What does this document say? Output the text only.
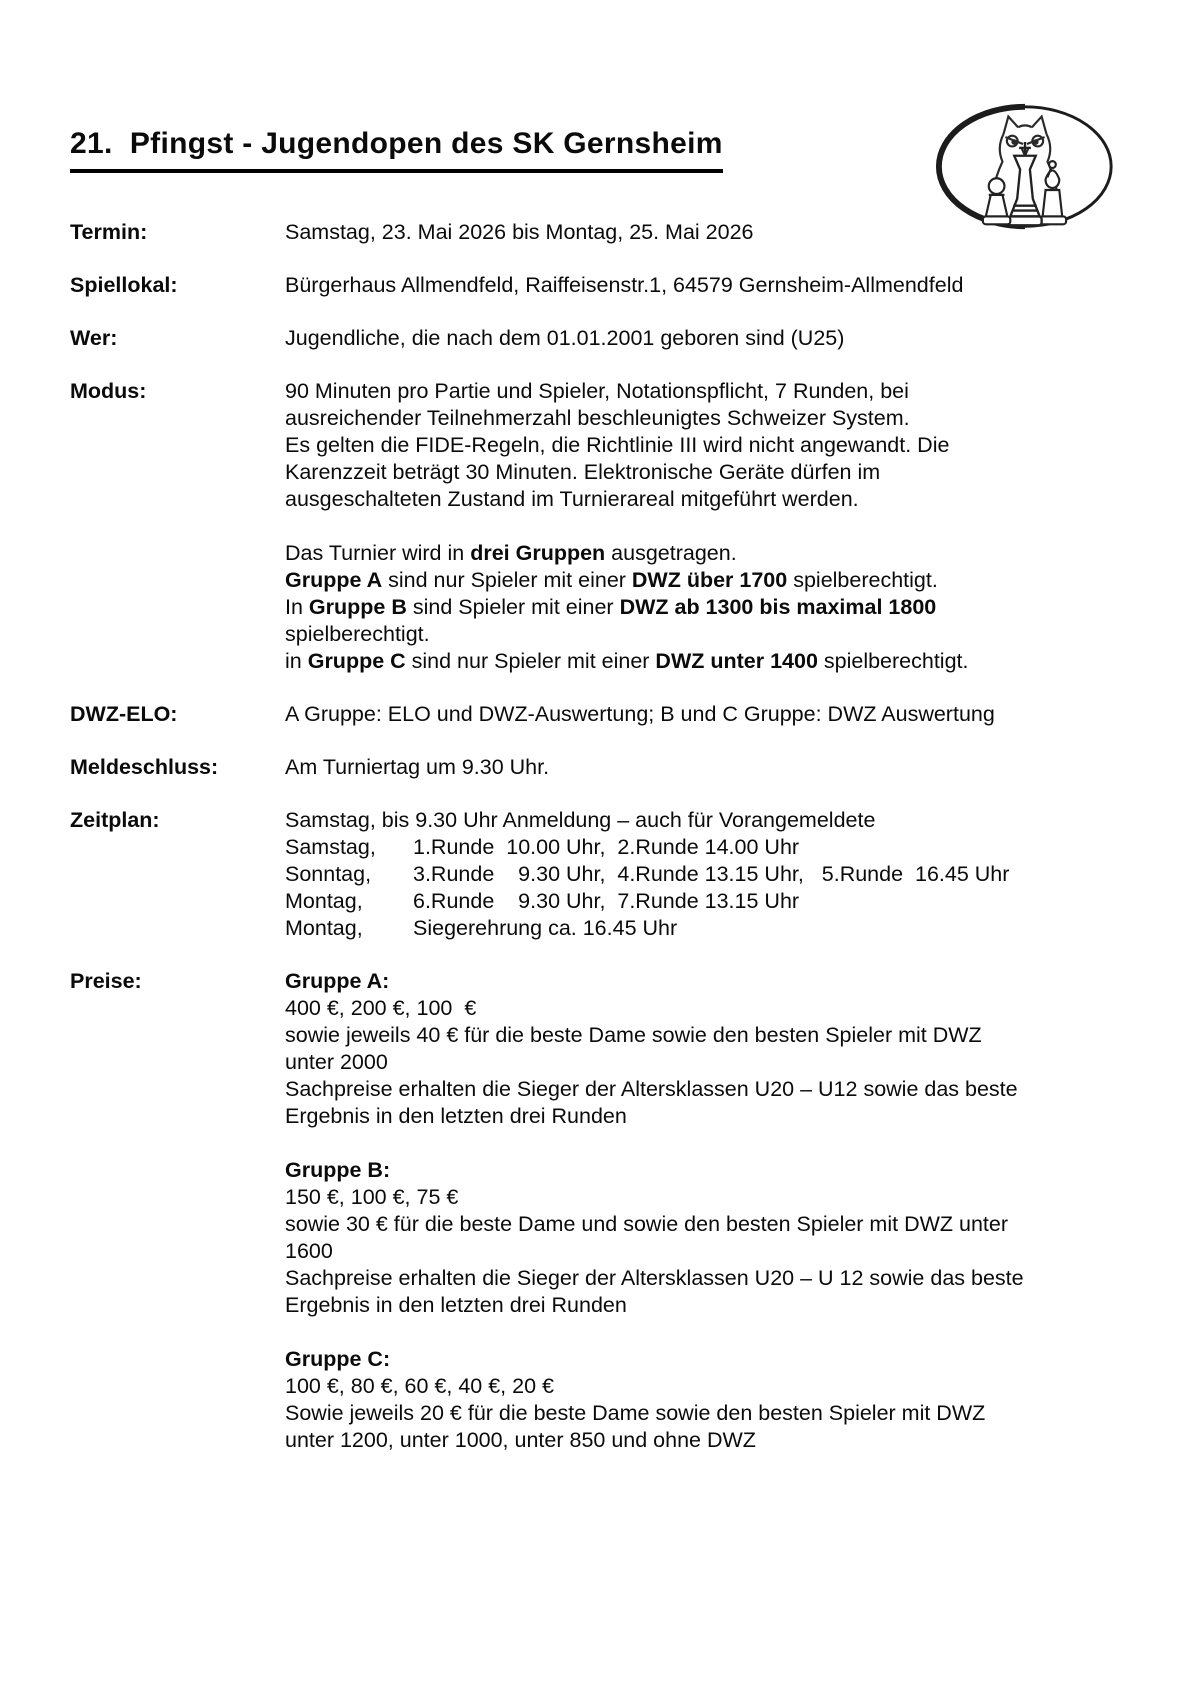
21.  Pfingst - Jugendopen des SK Gernsheim
Termin:	Samstag, 23. Mai 2026 bis Montag, 25. Mai 2026
Spiellokal:	Bürgerhaus Allmendfeld, Raiffeisenstr.1, 64579 Gernsheim-Allmendfeld
Wer:	Jugendliche, die nach dem 01.01.2001 geboren sind (U25)
Modus:	90 Minuten pro Partie und Spieler, Notationspflicht, 7 Runden, bei
ausreichender Teilnehmerzahl beschleunigtes Schweizer System.
Es gelten die FIDE-Regeln, die Richtlinie III wird nicht angewandt. Die
Karenzzeit beträgt 30 Minuten. Elektronische Geräte dürfen im
ausgeschalteten Zustand im Turnierareal mitgeführt werden.
Das Turnier wird in drei Gruppen ausgetragen.
Gruppe A sind nur Spieler mit einer DWZ über 1700 spielberechtigt.
In Gruppe B sind Spieler mit einer DWZ ab 1300 bis maximal 1800
spielberechtigt.
in Gruppe C sind nur Spieler mit einer DWZ unter 1400 spielberechtigt.
DWZ-ELO:	A Gruppe: ELO und DWZ-Auswertung; B und C Gruppe: DWZ Auswertung
Meldeschluss:	Am Turniertag um 9.30 Uhr.
Zeitplan:	Samstag, bis 9.30 Uhr Anmeldung – auch für Vorangemeldete
Samstag, 1.Runde  10.00 Uhr,  2.Runde 14.00 Uhr
Sonntag, 3.Runde    9.30 Uhr,  4.Runde 13.15 Uhr,   5.Runde  16.45 Uhr
Montag, 6.Runde    9.30 Uhr,  7.Runde 13.15 Uhr
Montag, Siegerehrung ca. 16.45 Uhr
Preise:	Gruppe A:
400 €, 200 €, 100  €
sowie jeweils 40 € für die beste Dame sowie den besten Spieler mit DWZ
unter 2000
Sachpreise erhalten die Sieger der Altersklassen U20 – U12 sowie das beste
Ergebnis in den letzten drei Runden
Gruppe B:
150 €, 100 €, 75 €
sowie 30 € für die beste Dame und sowie den besten Spieler mit DWZ unter
1600
Sachpreise erhalten die Sieger der Altersklassen U20 – U 12 sowie das beste
Ergebnis in den letzten drei Runden
Gruppe C:
100 €, 80 €, 60 €, 40 €, 20 €
Sowie jeweils 20 € für die beste Dame sowie den besten Spieler mit DWZ
unter 1200, unter 1000, unter 850 und ohne DWZ
